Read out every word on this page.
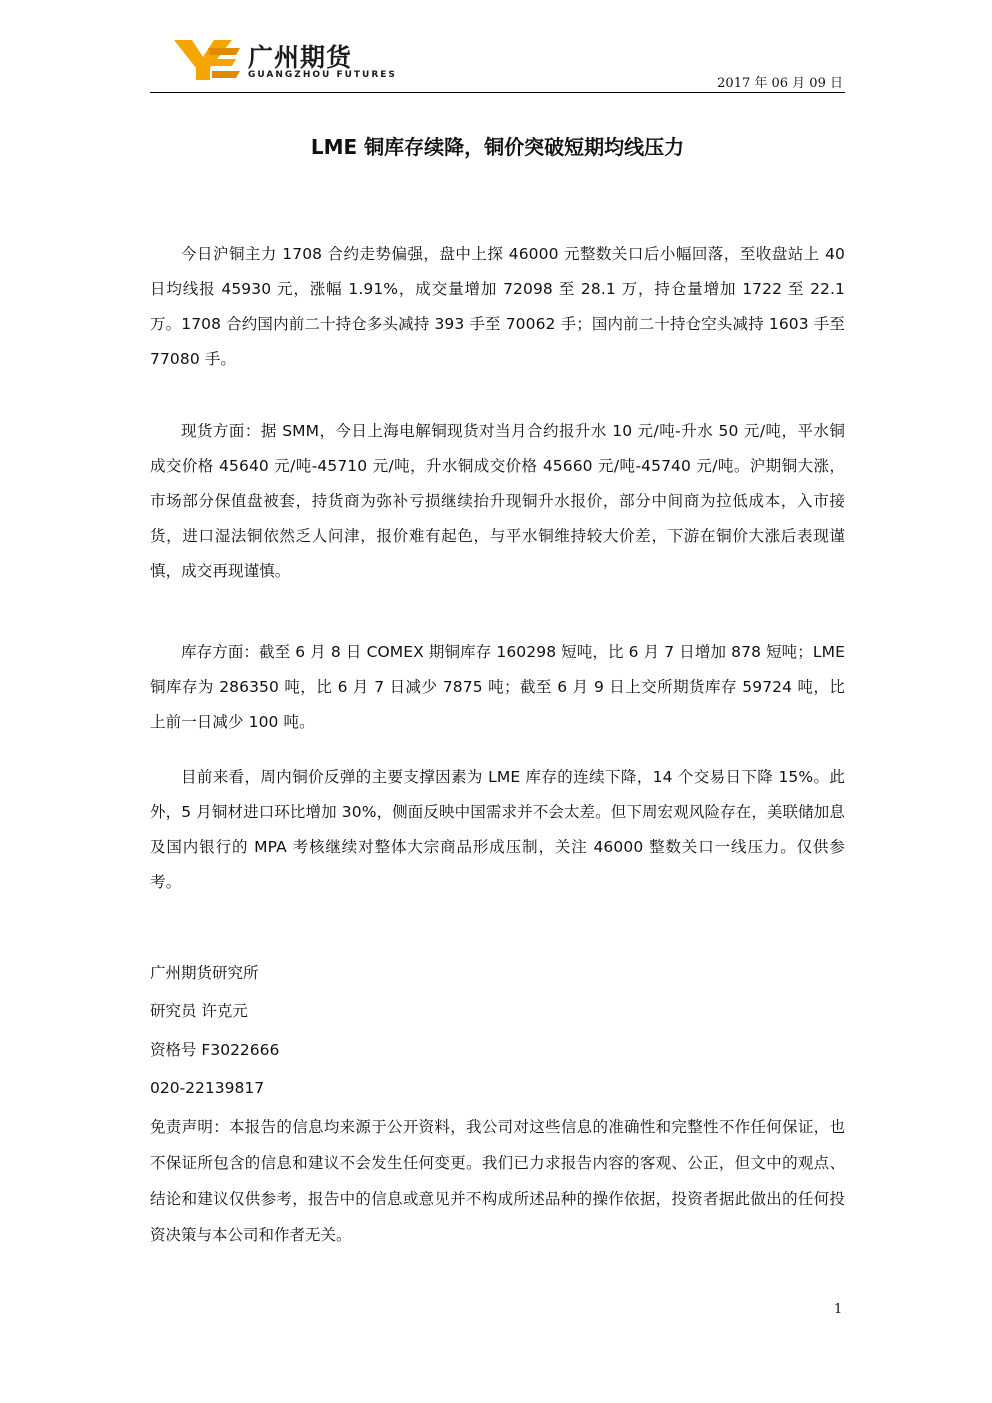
广州期货
GUANGZHOU FUTURES
2017 年 06 月 09 日
LME 铜库存续降，铜价突破短期均线压力

今日沪铜主力 1708 合约走势偏强，盘中上探 46000 元整数关口后小幅回落，至收盘站上 40 日均线报 45930 元，涨幅 1.91%，成交量增加 72098 至 28.1 万，持仓量增加 1722 至 22.1 万。1708 合约国内前二十持仓多头减持 393 手至 70062 手；国内前二十持仓空头减持 1603 手至 77080 手。

现货方面：据 SMM，今日上海电解铜现货对当月合约报升水 10 元/吨-升水 50 元/吨，平水铜成交价格 45640 元/吨-45710 元/吨，升水铜成交价格 45660 元/吨-45740 元/吨。沪期铜大涨，市场部分保值盘被套，持货商为弥补亏损继续抬升现铜升水报价，部分中间商为拉低成本，入市接货，进口湿法铜依然乏人问津，报价难有起色，与平水铜维持较大价差，下游在铜价大涨后表现谨慎，成交再现谨慎。

库存方面：截至 6 月 8 日 COMEX 期铜库存 160298 短吨，比 6 月 7 日增加 878 短吨；LME 铜库存为 286350 吨，比 6 月 7 日减少 7875 吨；截至 6 月 9 日上交所期货库存 59724 吨，比上前一日减少 100 吨。

目前来看，周内铜价反弹的主要支撑因素为 LME 库存的连续下降，14 个交易日下降 15%。此外，5 月铜材进口环比增加 30%，侧面反映中国需求并不会太差。但下周宏观风险存在，美联储加息及国内银行的 MPA 考核继续对整体大宗商品形成压制，关注 46000 整数关口一线压力。仅供参考。

广州期货研究所
研究员 许克元
资格号 F3022666
020-22139817

免责声明：本报告的信息均来源于公开资料，我公司对这些信息的准确性和完整性不作任何保证，也不保证所包含的信息和建议不会发生任何变更。我们已力求报告内容的客观、公正，但文中的观点、结论和建议仅供参考，报告中的信息或意见并不构成所述品种的操作依据，投资者据此做出的任何投资决策与本公司和作者无关。

1
